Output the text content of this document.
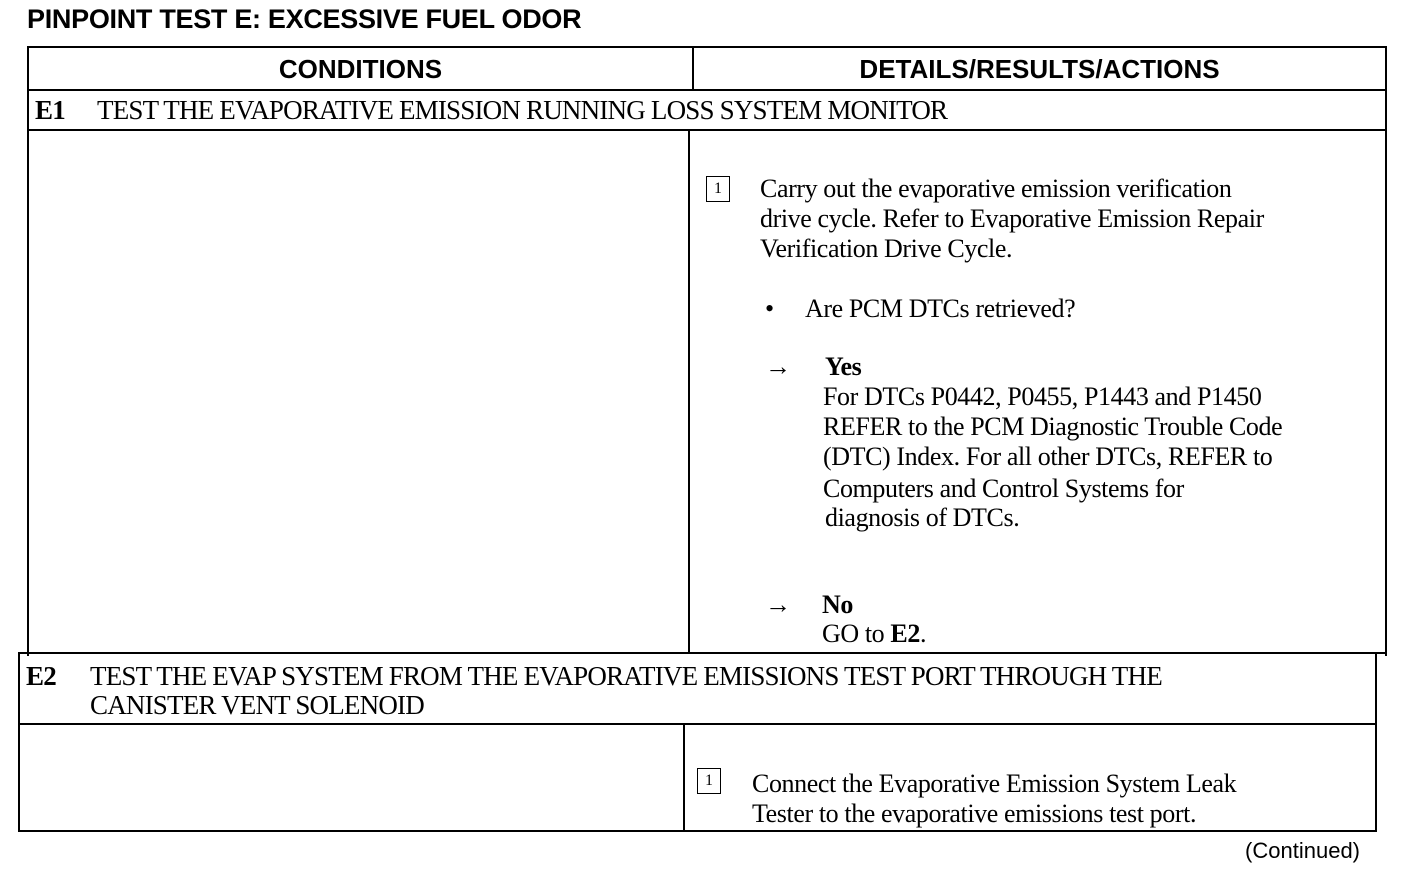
PINPOINT TEST E: EXCESSIVE FUEL ODOR
CONDITIONS	DETAILS/RESULTS/ACTIONS
E1 TEST THE EVAPORATIVE EMISSION RUNNING LOSS SYSTEM MONITOR
1	Carry out the evaporative emission verification
drive cycle. Refer to Evaporative Emission Repair
Verification Drive Cycle.
• Are PCM DTCs retrieved?
→ Yes
For DTCs P0442, P0455, P1443 and P1450
REFER to the PCM Diagnostic Trouble Code
(DTC) Index. For all other DTCs, REFER to
Computers and Control Systems for
diagnosis of DTCs.
→ No
GO to E2.
E2 TEST THE EVAP SYSTEM FROM THE EVAPORATIVE EMISSIONS TEST PORT THROUGH THE
CANISTER VENT SOLENOID
1	Connect the Evaporative Emission System Leak
Tester to the evaporative emissions test port.
(Continued)
